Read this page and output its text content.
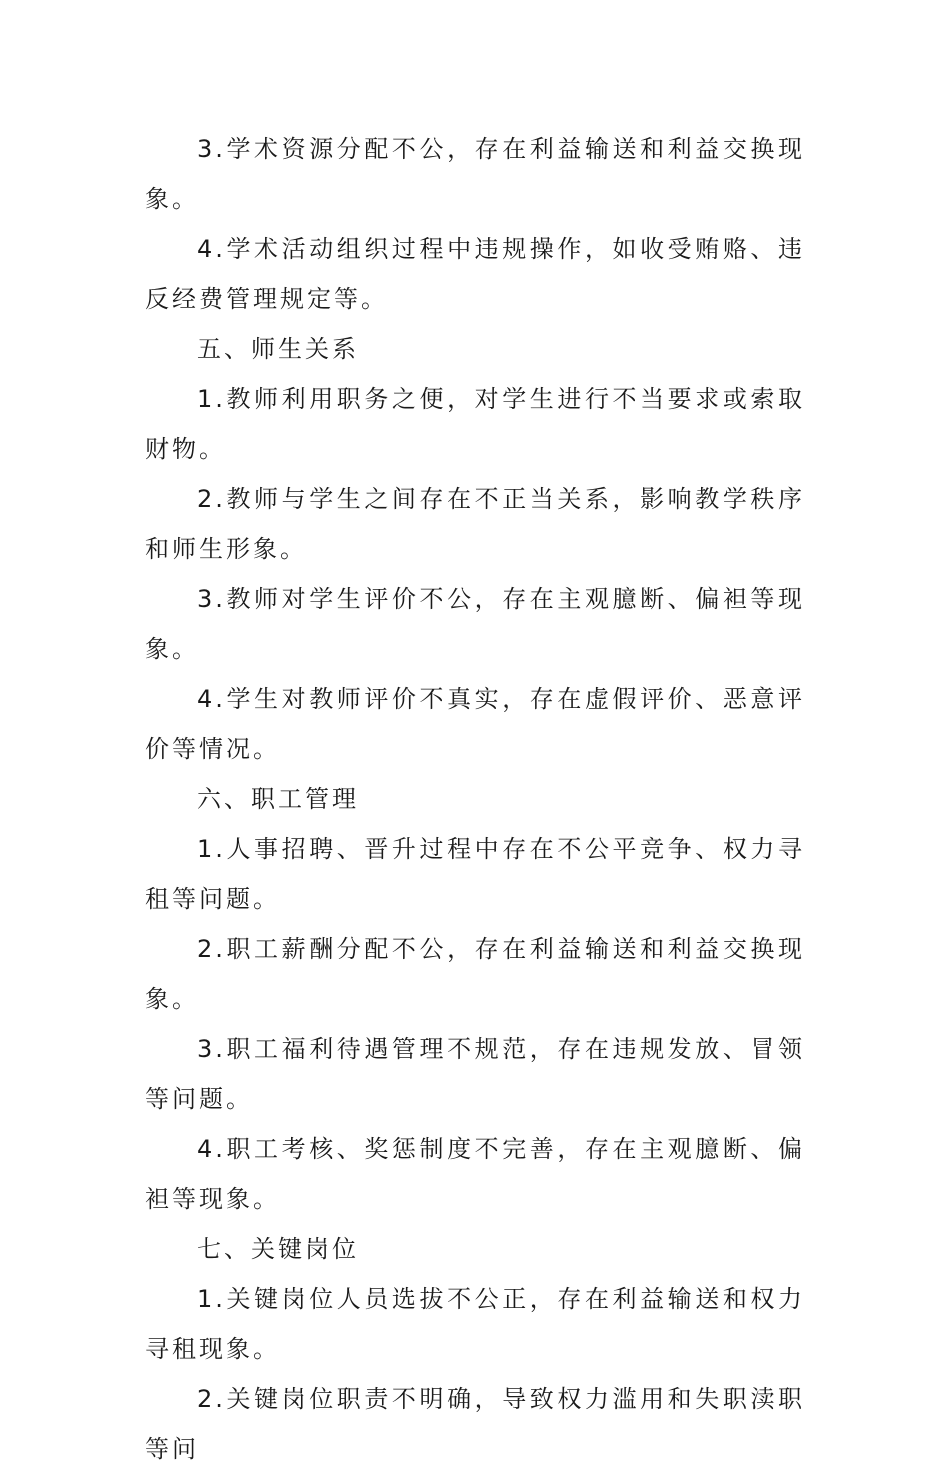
3.学术资源分配不公，存在利益输送和利益交换现象。

4.学术活动组织过程中违规操作，如收受贿赂、违反经费管理规定等。

五、师生关系

1.教师利用职务之便，对学生进行不当要求或索取财物。

2.教师与学生之间存在不正当关系，影响教学秩序和师生形象。

3.教师对学生评价不公，存在主观臆断、偏袒等现象。

4.学生对教师评价不真实，存在虚假评价、恶意评价等情况。

六、职工管理

1.人事招聘、晋升过程中存在不公平竞争、权力寻租等问题。

2.职工薪酬分配不公，存在利益输送和利益交换现象。

3.职工福利待遇管理不规范，存在违规发放、冒领等问题。

4.职工考核、奖惩制度不完善，存在主观臆断、偏袒等现象。

七、关键岗位

1.关键岗位人员选拔不公正，存在利益输送和权力寻租现象。

2.关键岗位职责不明确，导致权力滥用和失职渎职等问
